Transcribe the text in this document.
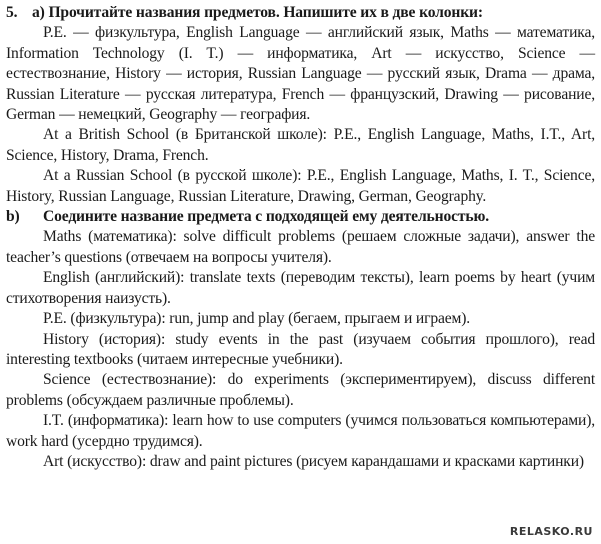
5. a) Прочитайте названия предметов. Напишите их в две колонки:
P.E. — физкультура, English Language — английский язык, Maths — математика, Information Technology (I. T.) — информатика, Art — искусство, Science — естествознание, History — история, Russian Language — русский язык, Drama — драма, Russian Literature — русская литература, French — французский, Drawing — рисование, German — немецкий, Geography — география.
At a British School (в Британской школе): P.E., English Language, Maths, I.T., Art, Science, History, Drama, French.
At a Russian School (в русской школе): P.E., English Language, Maths, I. T., Science, History, Russian Language, Russian Literature, Drawing, German, Geography.
b) Соедините название предмета с подходящей ему деятельностью.
Maths (математика): solve difficult problems (решаем сложные задачи), answer the teacher’s questions (отвечаем на вопросы учителя).
English (английский): translate texts (переводим тексты), learn poems by heart (учим стихотворения наизусть).
P.E. (физкультура): run, jump and play (бегаем, прыгаем и играем).
History (история): study events in the past (изучаем события прошлого), read interesting textbooks (читаем интересные учебники).
Science (естествознание): do experiments (экспериментируем), discuss different problems (обсуждаем различные проблемы).
I.T. (информатика): learn how to use computers (учимся пользоваться компьютерами), work hard (усердно трудимся).
Art (искусство): draw and paint pictures (рисуем карандашами и красками картинки)
RELASKO.RU
